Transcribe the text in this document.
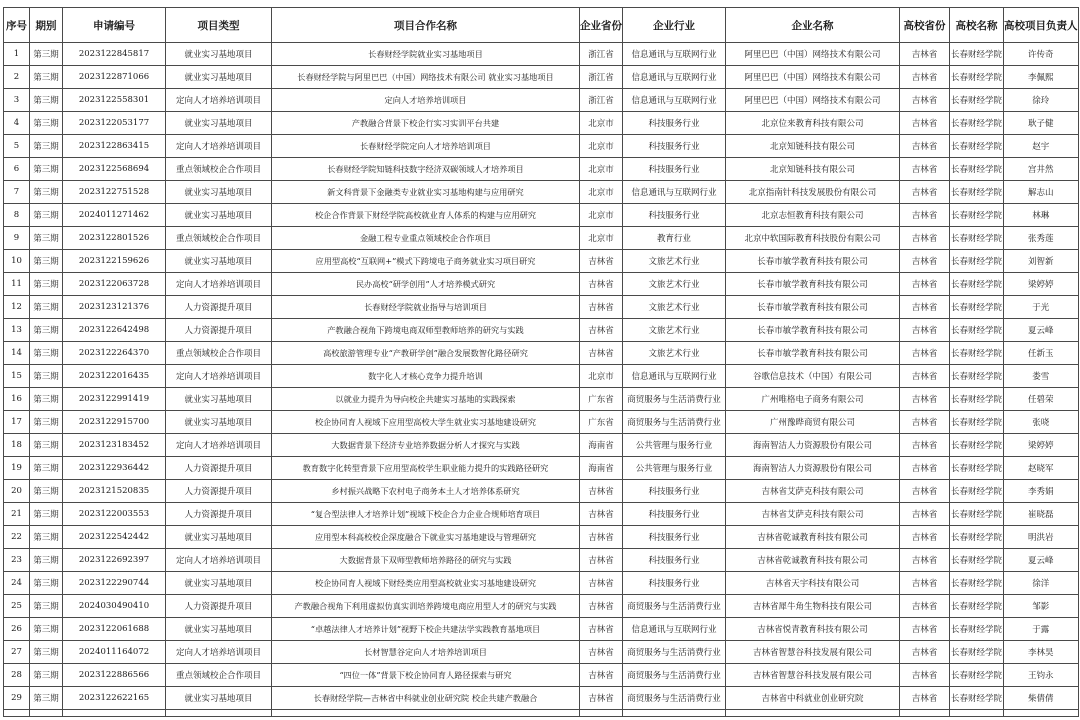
序号	期别	申请编号	项目类型	项目合作名称	企业省份	企业行业	企业名称	高校省份	高校名称	高校项目负责人
1	第三期	2023122845817	就业实习基地项目	长春财经学院就业实习基地项目	浙江省	信息通讯与互联网行业	阿里巴巴（中国）网络技术有限公司	吉林省	长春财经学院	许传奇
2	第三期	2023122871066	就业实习基地项目	长春财经学院与阿里巴巴（中国）网络技术有限公司 就业实习基地项目	浙江省	信息通讯与互联网行业	阿里巴巴（中国）网络技术有限公司	吉林省	长春财经学院	李佩熙
3	第三期	2023122558301	定向人才培养培训项目	定向人才培养培训项目	浙江省	信息通讯与互联网行业	阿里巴巴（中国）网络技术有限公司	吉林省	长春财经学院	徐玲
4	第三期	2023122053177	就业实习基地项目	产教融合背景下校企行实习实训平台共建	北京市	科技服务行业	北京位来教育科技有限公司	吉林省	长春财经学院	耿子健
5	第三期	2023122863415	定向人才培养培训项目	长春财经学院定向人才培养培训项目	北京市	科技服务行业	北京知链科技有限公司	吉林省	长春财经学院	赵宇
6	第三期	2023122568694	重点领域校企合作项目	长春财经学院知链科技数字经济双碳领域人才培养项目	北京市	科技服务行业	北京知链科技有限公司	吉林省	长春财经学院	宫井然
7	第三期	2023122751528	就业实习基地项目	新文科背景下金融类专业就业实习基地构建与应用研究	北京市	信息通讯与互联网行业	北京指南针科技发展股份有限公司	吉林省	长春财经学院	解志山
8	第三期	2024011271462	就业实习基地项目	校企合作背景下财经学院高校就业育人体系的构建与应用研究	北京市	科技服务行业	北京志恒教育科技有限公司	吉林省	长春财经学院	林琳
9	第三期	2023122801526	重点领域校企合作项目	金融工程专业重点领域校企合作项目	北京市	教育行业	北京中软国际教育科技股份有限公司	吉林省	长春财经学院	张秀莲
10	第三期	2023122159626	就业实习基地项目	应用型高校“互联网+”模式下跨境电子商务就业实习项目研究	吉林省	文旅艺术行业	长春市敏学教育科技有限公司	吉林省	长春财经学院	刘智新
11	第三期	2023122063728	定向人才培养培训项目	民办高校“研学创用”人才培养模式研究	吉林省	文旅艺术行业	长春市敏学教育科技有限公司	吉林省	长春财经学院	梁婷婷
12	第三期	2023123121376	人力资源提升项目	长春财经学院就业指导与培训项目	吉林省	文旅艺术行业	长春市敏学教育科技有限公司	吉林省	长春财经学院	于光
13	第三期	2023122642498	人力资源提升项目	产教融合视角下跨境电商双师型教师培养的研究与实践	吉林省	文旅艺术行业	长春市敏学教育科技有限公司	吉林省	长春财经学院	夏云峰
14	第三期	2023122264370	重点领域校企合作项目	高校旅游管理专业“产教研学创”融合发展数智化路径研究	吉林省	文旅艺术行业	长春市敏学教育科技有限公司	吉林省	长春财经学院	任新玉
15	第三期	2023122016435	定向人才培养培训项目	数字化人才核心竞争力提升培训	北京市	信息通讯与互联网行业	谷歌信息技术（中国）有限公司	吉林省	长春财经学院	娄雪
16	第三期	2023122991419	就业实习基地项目	以就业力提升为导向校企共建实习基地的实践探索	广东省	商贸服务与生活消费行业	广州唯格电子商务有限公司	吉林省	长春财经学院	任碧荣
17	第三期	2023122915700	就业实习基地项目	校企协同育人视域下应用型高校大学生就业实习基地建设研究	广东省	商贸服务与生活消费行业	广州豫晔商贸有限公司	吉林省	长春财经学院	张哓
18	第三期	2023123183452	定向人才培养培训项目	大数据背景下经济专业培养数据分析人才探究与实践	海南省	公共管理与服务行业	海南智洁人力资源股份有限公司	吉林省	长春财经学院	梁婷婷
19	第三期	2023122936442	人力资源提升项目	教育数字化转型背景下应用型高校学生职业能力提升的实践路径研究	海南省	公共管理与服务行业	海南智洁人力资源股份有限公司	吉林省	长春财经学院	赵晓军
20	第三期	2023121520835	人力资源提升项目	乡村振兴战略下农村电子商务本土人才培养体系研究	吉林省	科技服务行业	吉林省艾萨克科技有限公司	吉林省	长春财经学院	李秀娟
21	第三期	2023122003553	人力资源提升项目	“复合型法律人才培养计划”视域下校企合力企业合规师培育项目	吉林省	科技服务行业	吉林省艾萨克科技有限公司	吉林省	长春财经学院	崔晓磊
22	第三期	2023122542442	就业实习基地项目	应用型本科高校校企深度融合下就业实习基地建设与管理研究	吉林省	科技服务行业	吉林省乾诚教育科技有限公司	吉林省	长春财经学院	明洪岩
23	第三期	2023122692397	定向人才培养培训项目	大数据背景下双师型教师培养路径的研究与实践	吉林省	科技服务行业	吉林省乾诚教育科技有限公司	吉林省	长春财经学院	夏云峰
24	第三期	2023122290744	就业实习基地项目	校企协同育人视域下财经类应用型高校就业实习基地建设研究	吉林省	科技服务行业	吉林省天宇科技有限公司	吉林省	长春财经学院	徐洋
25	第三期	2024030490410	人力资源提升项目	产教融合视角下利用虚拟仿真实训培养跨境电商应用型人才的研究与实践	吉林省	商贸服务与生活消费行业	吉林省犀牛角生物科技有限公司	吉林省	长春财经学院	邹影
26	第三期	2023122061688	就业实习基地项目	“卓越法律人才培养计划”视野下校企共建法学实践教育基地项目	吉林省	信息通讯与互联网行业	吉林省悦青教育科技有限公司	吉林省	长春财经学院	于露
27	第三期	2024011164072	定向人才培养培训项目	长材智慧谷定向人才培养培训项目	吉林省	商贸服务与生活消费行业	吉林省智慧谷科技发展有限公司	吉林省	长春财经学院	李林昊
28	第三期	2023122886566	重点领域校企合作项目	“四位一体”背景下校企协同育人路径探索与研究	吉林省	商贸服务与生活消费行业	吉林省智慧谷科技发展有限公司	吉林省	长春财经学院	王钧永
29	第三期	2023122622165	就业实习基地项目	长春财经学院—吉林省中科就业创业研究院 校企共建产教融合	吉林省	商贸服务与生活消费行业	吉林省中科就业创业研究院	吉林省	长春财经学院	柴倩倩
